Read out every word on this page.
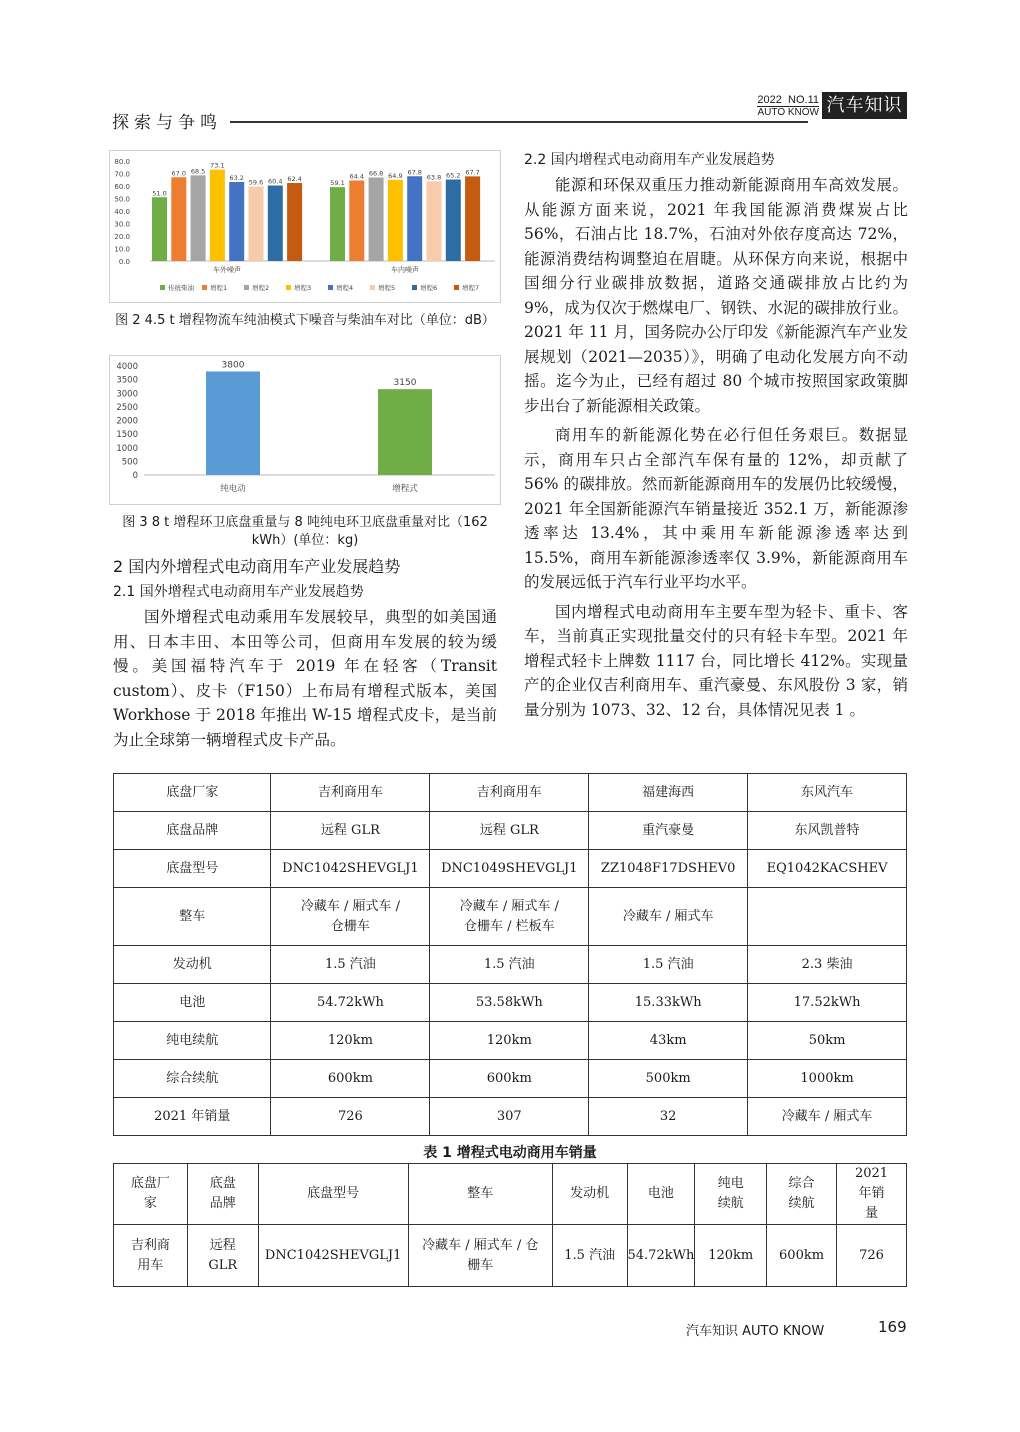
探索与争鸣
2022 NO.11
AUTO KNOW 汽车知识
80.0
70.0
60.0
50.0
40.0
30.0
20.0
10.0
0.0
51.0
67.0 68.5
73.1
63.2
59.6 60.4 62.4
车外噪声
59.1
64.4 66.8 64.9 67.8
63.8 65.2 67.7
车内噪声
传统柴油 增程1	增程2	增程3	增程4	增程5	增程6	增程7
图 2 4.5 t 增程物流车纯油模式下噪音与柴油车对比（单位：dB）
4000
3500
3000
2500
2000
1500
1000
500
0
3800
纯电动
3150
增程式
图 3 8 t 增程环卫底盘重量与 8 吨纯电环卫底盘重量对比（162 kWh）(单位：kg)
2 国内外增程式电动商用车产业发展趋势
2.1 国外增程式电动商用车产业发展趋势

国外增程式电动乘用车发展较早，典型的如美国通用、日本丰田、本田等公司，但商用车发展的较为缓慢。美国福特汽车于 2019 年在轻客（Transit custom）、皮卡（F150）上布局有增程式版本，美国 Workhose 于 2018 年推出 W-15 增程式皮卡，是当前为止全球第一辆增程式皮卡产品。

2.2 国内增程式电动商用车产业发展趋势

能源和环保双重压力推动新能源商用车高效发展。从能源方面来说，2021 年我国能源消费煤炭占比 56%，石油占比 18.7%，石油对外依存度高达 72%，能源消费结构调整迫在眉睫。从环保方向来说，根据中国细分行业碳排放数据，道路交通碳排放占比约为 9%，成为仅次于燃煤电厂、钢铁、水泥的碳排放行业。2021 年 11 月，国务院办公厅印发《新能源汽车产业发展规划（2021—2035）》，明确了电动化发展方向不动摇。迄今为止，已经有超过 80 个城市按照国家政策脚步出台了新能源相关政策。

商用车的新能源化势在必行但任务艰巨。数据显示，商用车只占全部汽车保有量的 12%，却贡献了 56% 的碳排放。然而新能源商用车的发展仍比较缓慢，2021 年全国新能源汽车销量接近 352.1 万，新能源渗透率达 13.4%，其中乘用车新能源渗透率达到 15.5%，商用车新能源渗透率仅 3.9%，新能源商用车的发展远低于汽车行业平均水平。

国内增程式电动商用车主要车型为轻卡、重卡、客车，当前真正实现批量交付的只有轻卡车型。2021 年增程式轻卡上牌数 1117 台，同比增长 412%。实现量产的企业仅吉利商用车、重汽豪曼、东风股份 3 家，销量分别为 1073、32、12 台，具体情况见表 1 。

底盘厂家	吉利商用车	吉利商用车	福建海西	东风汽车
底盘品牌	远程 GLR	远程 GLR	重汽豪曼	东风凯普特
底盘型号	DNC1042SHEVGLJ1	DNC1049SHEVGLJ1	ZZ1048F17DSHEV0	EQ1042KACSHEV
整车	冷藏车 / 厢式车 / 仓栅车	冷藏车 / 厢式车 / 仓栅车 / 栏板车	冷藏车 / 厢式车	
发动机	1.5 汽油	1.5 汽油	1.5 汽油	2.3 柴油
电池	54.72kWh	53.58kWh	15.33kWh	17.52kWh
纯电续航	120km	120km	43km	50km
综合续航	600km	600km	500km	1000km
2021 年销量	726	307	32	冷藏车 / 厢式车
表 1 增程式电动商用车销量
底盘厂家	底盘品牌	底盘型号	整车	发动机	电池	纯电续航	综合续航	2021 年销量
吉利商用车	远程 GLR	DNC1042SHEVGLJ1	冷藏车 / 厢式车 / 仓栅车	1.5 汽油	54.72kWh	120km	600km	726
汽车知识 AUTO KNOW	169
